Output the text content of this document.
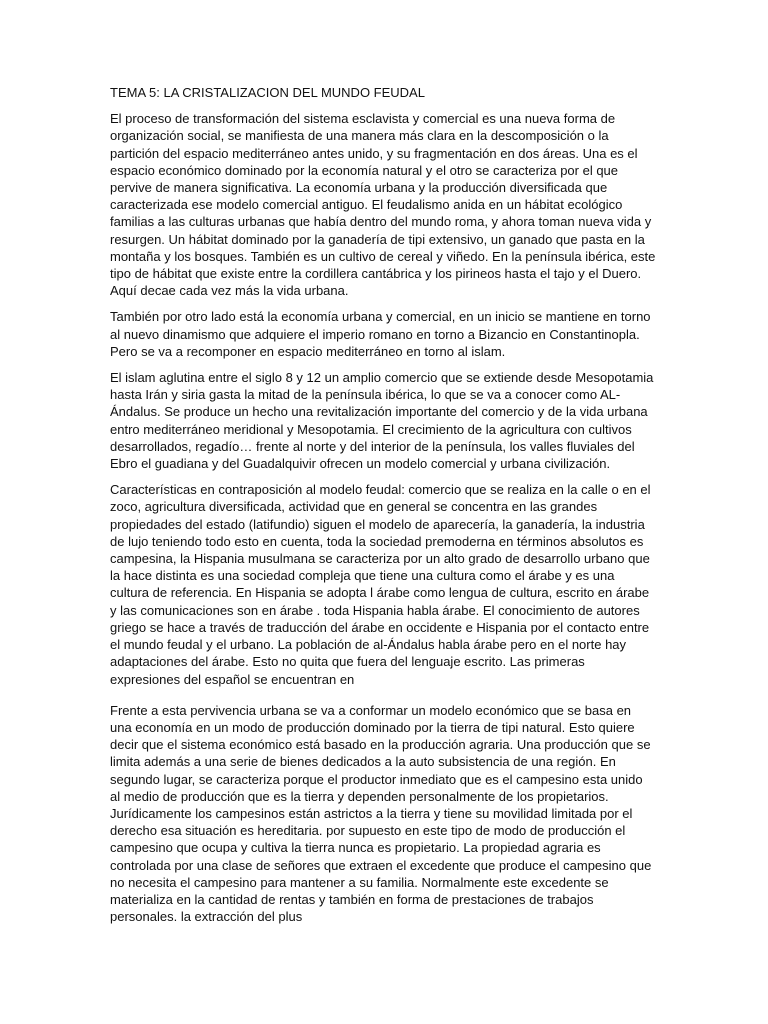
TEMA 5: LA CRISTALIZACION DEL MUNDO FEUDAL

El proceso de transformación del sistema esclavista y comercial es una nueva forma de organización social, se manifiesta de una manera más clara en la descomposición o la partición del espacio mediterráneo antes unido, y su fragmentación en dos áreas. Una es el espacio económico dominado por la economía natural y el otro se caracteriza por el que pervive de manera significativa. La economía urbana y la producción diversificada que caracterizada ese modelo comercial antiguo. El feudalismo anida en un hábitat ecológico familias a las culturas urbanas que había dentro del mundo roma, y ahora toman nueva vida y resurgen. Un hábitat dominado por la ganadería de tipi extensivo, un ganado que pasta en la montaña y los bosques. También es un cultivo de cereal y viñedo. En la península ibérica, este tipo de hábitat que existe entre la cordillera cantábrica y los pirineos hasta el tajo y el Duero. Aquí decae cada vez más la vida urbana.

También por otro lado está la economía urbana y comercial, en un inicio se mantiene en torno al nuevo dinamismo que adquiere el imperio romano en torno a Bizancio en Constantinopla. Pero se va a recomponer en espacio mediterráneo en torno al islam.

El islam aglutina entre el siglo 8 y 12 un amplio comercio que se extiende desde Mesopotamia hasta Irán y siria gasta la mitad de la península ibérica, lo que se va a conocer como AL-Ándalus. Se produce un hecho una revitalización importante del comercio y de la vida urbana entro mediterráneo meridional y Mesopotamia. El crecimiento de la agricultura con cultivos desarrollados, regadío… frente al norte y del interior de la península, los valles fluviales del Ebro el guadiana y del Guadalquivir ofrecen un modelo comercial y urbana civilización.

Características en contraposición al modelo feudal: comercio que se realiza en la calle o en el zoco, agricultura diversificada, actividad que en general se concentra en las grandes propiedades del estado (latifundio) siguen el modelo de aparecería, la ganadería, la industria de lujo teniendo todo esto en cuenta, toda la sociedad premoderna en términos absolutos es campesina, la Hispania musulmana se caracteriza por un alto grado de desarrollo urbano que la hace distinta es una sociedad compleja que tiene una cultura como el árabe y es una cultura de referencia. En Hispania se adopta l árabe como lengua de cultura, escrito en árabe y las comunicaciones son en árabe . toda Hispania habla árabe. El conocimiento de autores griego se hace a través de traducción del árabe en occidente e Hispania por el contacto entre el mundo feudal y el urbano. La población de al-Ándalus habla árabe pero en el norte hay adaptaciones del árabe. Esto no quita que fuera del lenguaje escrito. Las primeras expresiones del español se encuentran en

Frente a esta pervivencia urbana se va a conformar un modelo económico que se basa en una economía en un modo de producción dominado por la tierra de tipi natural. Esto quiere decir que el sistema económico está basado en la producción agraria. Una producción que se limita además a una serie de bienes dedicados a la auto subsistencia de una región. En segundo lugar, se caracteriza porque el productor inmediato que es el campesino esta unido al medio de producción que es la tierra y dependen personalmente de los propietarios. Jurídicamente los campesinos están astrictos a la tierra y tiene su movilidad limitada por el derecho esa situación es hereditaria. por supuesto en este tipo de modo de producción el campesino que ocupa y cultiva la tierra nunca es propietario. La propiedad agraria es controlada por una clase de señores que extraen el excedente que produce el campesino que no necesita el campesino para mantener a su familia. Normalmente este excedente se materializa en la cantidad de rentas y también en forma de prestaciones de trabajos personales. la extracción del plus
